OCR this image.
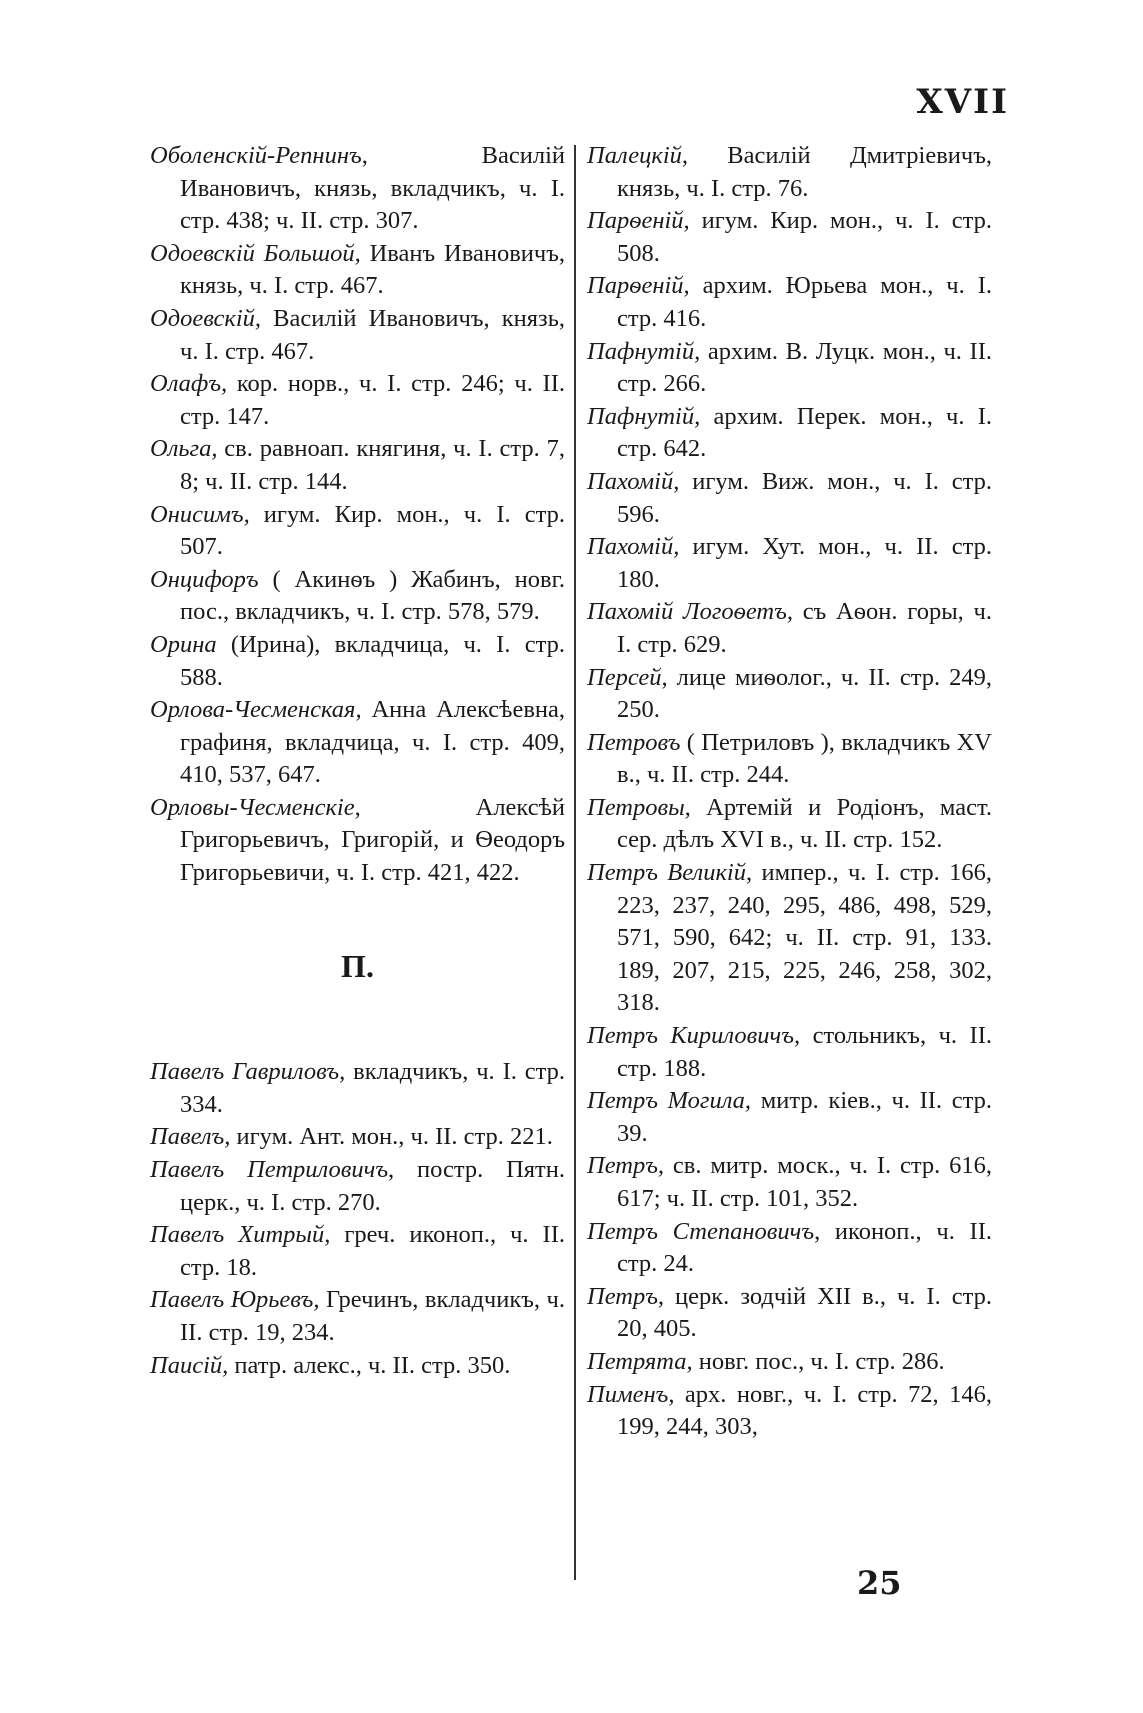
XVII
Оболенскій-Репнинъ, Василій Ивановичъ, князь, вкладчикъ, ч. I. стр. 438; ч. II. стр. 307.
Одоевскій Большой, Иванъ Ивановичъ, князь, ч. I. стр. 467.
Одоевскій, Василій Ивановичъ, князь, ч. I. стр. 467.
Олафъ, кор. норв., ч. I. стр. 246; ч. II. стр. 147.
Ольга, св. равноап. княгиня, ч. I. стр. 7, 8; ч. II. стр. 144.
Онисимъ, игум. Кир. мон., ч. I. стр. 507.
Онцифоръ ( Акинѳъ ) Жабинъ, новг. пос., вкладчикъ, ч. I. стр. 578, 579.
Орина (Ирина), вкладчица, ч. I. стр. 588.
Орлова-Чесменская, Анна Алексѣевна, графиня, вкладчица, ч. I. стр. 409, 410, 537, 647.
Орловы-Чесменскіе, Алексѣй Григорьевичъ, Григорій, и Ѳеодоръ Григорьевичи, ч. I. стр. 421, 422.
П.
Павелъ Гавриловъ, вкладчикъ, ч. I. стр. 334.
Павелъ, игум. Ант. мон., ч. II. стр. 221.
Павелъ Петриловичъ, постр. Пятн. церк., ч. I. стр. 270.
Павелъ Хитрый, греч. иконоп., ч. II. стр. 18.
Павелъ Юрьевъ, Гречинъ, вкладчикъ, ч. II. стр. 19, 234.
Паисій, патр. алекс., ч. II. стр. 350.
Палецкій, Василій Дмитріевичъ, князь, ч. I. стр. 76.
Парѳеній, игум. Кир. мон., ч. I. стр. 508.
Парѳеній, архим. Юрьева мон., ч. I. стр. 416.
Пафнутій, архим. В. Луцк. мон., ч. II. стр. 266.
Пафнутій, архим. Перек. мон., ч. I. стр. 642.
Пахомій, игум. Виж. мон., ч. I. стр. 596.
Пахомій, игум. Хут. мон., ч. II. стр. 180.
Пахомій Логоѳетъ, съ Аѳон. горы, ч. I. стр. 629.
Персей, лице миѳолог., ч. II. стр. 249, 250.
Петровъ ( Петриловъ ), вкладчикъ XV в., ч. II. стр. 244.
Петровы, Артемій и Родіонъ, маст. сер. дѣлъ XVI в., ч. II. стр. 152.
Петръ Великій, импер., ч. I. стр. 166, 223, 237, 240, 295, 486, 498, 529, 571, 590, 642; ч. II. стр. 91, 133. 189, 207, 215, 225, 246, 258, 302, 318.
Петръ Кириловичъ, стольникъ, ч. II. стр. 188.
Петръ Могила, митр. кіев., ч. II. стр. 39.
Петръ, св. митр. моск., ч. I. стр. 616, 617; ч. II. стр. 101, 352.
Петръ Степановичъ, иконоп., ч. II. стр. 24.
Петръ, церк. зодчій XII в., ч. I. стр. 20, 405.
Петрята, новг. пос., ч. I. стр. 286.
Пименъ, арх. новг., ч. I. стр. 72, 146, 199, 244, 303,
25
